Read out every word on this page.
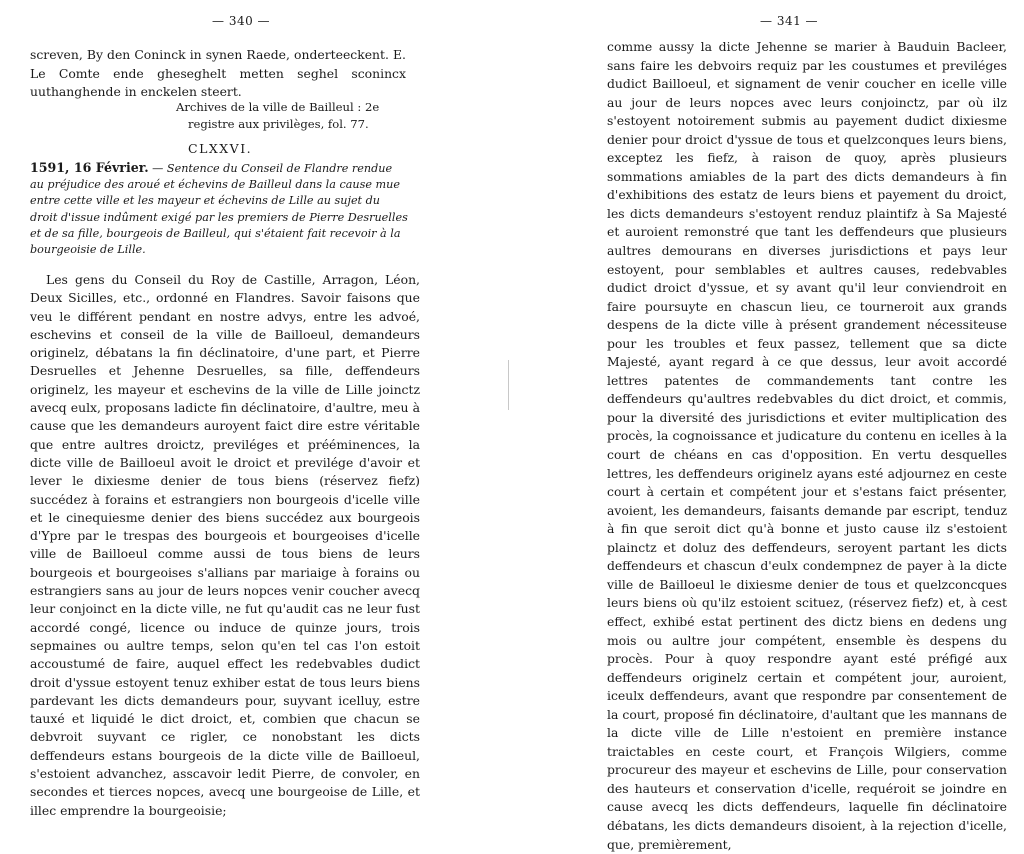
— 340 —
screven, By den Coninck in synen Raede, onderteeckent. E. Le Comte ende gheseghelt metten seghel sconincx uuthanghende in enckelen steert.
Archives de la ville de Bailleul : 2e
registre aux privilèges, fol. 77.
CLXXVI.
1591, 16 Février. — Sentence du Conseil de Flandre rendue au préjudice des aroué et échevins de Bailleul dans la cause mue entre cette ville et les mayeur et échevins de Lille au sujet du droit d'issue indûment exigé par les premiers de Pierre Desruelles et de sa fille, bourgeois de Bailleul, qui s'étaient fait recevoir à la bourgeoisie de Lille.

Les gens du Conseil du Roy de Castille, Arragon, Léon, Deux Sicilles, etc., ordonné en Flandres. Savoir faisons que veu le différent pendant en nostre advys, entre les advoé, eschevins et conseil de la ville de Bailloeul, demandeurs originelz, débatans la fin déclinatoire, d'une part, et Pierre Desruelles et Jehenne Desruelles, sa fille, deffendeurs originelz, les mayeur et eschevins de la ville de Lille joinctz avecq eulx, proposans ladicte fin déclinatoire, d'aultre, meu à cause que les demandeurs auroyent faict dire estre véritable que entre aultres droictz, previléges et prééminences, la dicte ville de Bailloeul avoit le droict et previlége d'avoir et lever le dixiesme denier de tous biens (réservez fiefz) succédez à forains et estrangiers non bourgeois d'icelle ville et le cinequiesme denier des biens succédez aux bourgeois d'Ypre par le trespas des bourgeois et bourgeoises d'icelle ville de Bailloeul comme aussi de tous biens de leurs bourgeois et bourgeoises s'allians par mariaige à forains ou estrangiers sans au jour de leurs nopces venir coucher avecq leur conjoinct en la dicte ville, ne fut qu'audit cas ne leur fust accordé congé, licence ou induce de quinze jours, trois sepmaines ou aultre temps, selon qu'en tel cas l'on estoit accoustumé de faire, auquel effect les redebvables dudict droit d'yssue estoyent tenuz exhiber estat de tous leurs biens pardevant les dicts demandeurs pour, suyvant icelluy, estre tauxé et liquidé le dict droict, et, combien que chacun se debvroit suyvant ce rigler, ce nonobstant les dicts deffendeurs estans bourgeois de la dicte ville de Bailloeul, s'estoient advanchez, asscavoir ledit Pierre, de convoler, en secondes et tierces nopces, avecq une bourgeoise de Lille, et illec emprendre la bourgeoisie;

— 341 —

comme aussy la dicte Jehenne se marier à Bauduin Bacleer, sans faire les debvoirs requiz par les coustumes et previléges dudict Bailloeul, et signament de venir coucher en icelle ville au jour de leurs nopces avec leurs conjoinctz, par où ilz s'estoyent notoirement submis au payement dudict dixiesme denier pour droict d'yssue de tous et quelzconques leurs biens, exceptez les fiefz, à raison de quoy, après plusieurs sommations amiables de la part des dicts demandeurs à fin d'exhibitions des estatz de leurs biens et payement du droict, les dicts demandeurs s'estoyent renduz plaintifz à Sa Majesté et auroient remonstré que tant les deffendeurs que plusieurs aultres demourans en diverses jurisdictions et pays leur estoyent, pour semblables et aultres causes, redebvables dudict droict d'yssue, et sy avant qu'il leur conviendroit en faire poursuyte en chascun lieu, ce tourneroit aux grands despens de la dicte ville à présent grandement nécessiteuse pour les troubles et feux passez, tellement que sa dicte Majesté, ayant regard à ce que dessus, leur avoit accordé lettres patentes de commandements tant contre les deffendeurs qu'aultres redebvables du dict droict, et commis, pour la diversité des jurisdictions et eviter multiplication des procès, la cognoissance et judicature du contenu en icelles à la court de chéans en cas d'opposition. En vertu desquelles lettres, les deffendeurs originelz ayans esté adjournez en ceste court à certain et compétent jour et s'estans faict présenter, avoient, les demandeurs, faisants demande par escript, tenduz à fin que seroit dict qu'à bonne et justo cause ilz s'estoient plainctz et doluz des deffendeurs, seroyent partant les dicts deffendeurs et chascun d'eulx condempnez de payer à la dicte ville de Bailloeul le dixiesme denier de tous et quelzconcques leurs biens où qu'ilz estoient scituez, (réservez fiefz) et, à cest effect, exhibé estat pertinent des dictz biens en dedens ung mois ou aultre jour compétent, ensemble ès despens du procès. Pour à quoy respondre ayant esté préfigé aux deffendeurs originelz certain et compétent jour, auroient, iceulx deffendeurs, avant que respondre par consentement de la court, proposé fin déclinatoire, d'aultant que les mannans de la dicte ville de Lille n'estoient en première instance traictables en ceste court, et François Wilgiers, comme procureur des mayeur et eschevins de Lille, pour conservation des hauteurs et conservation d'icelle, requéroit se joindre en cause avecq les dicts deffendeurs, laquelle fin déclinatoire débatans, les dicts demandeurs disoient, à la rejection d'icelle, que, premièrement,
